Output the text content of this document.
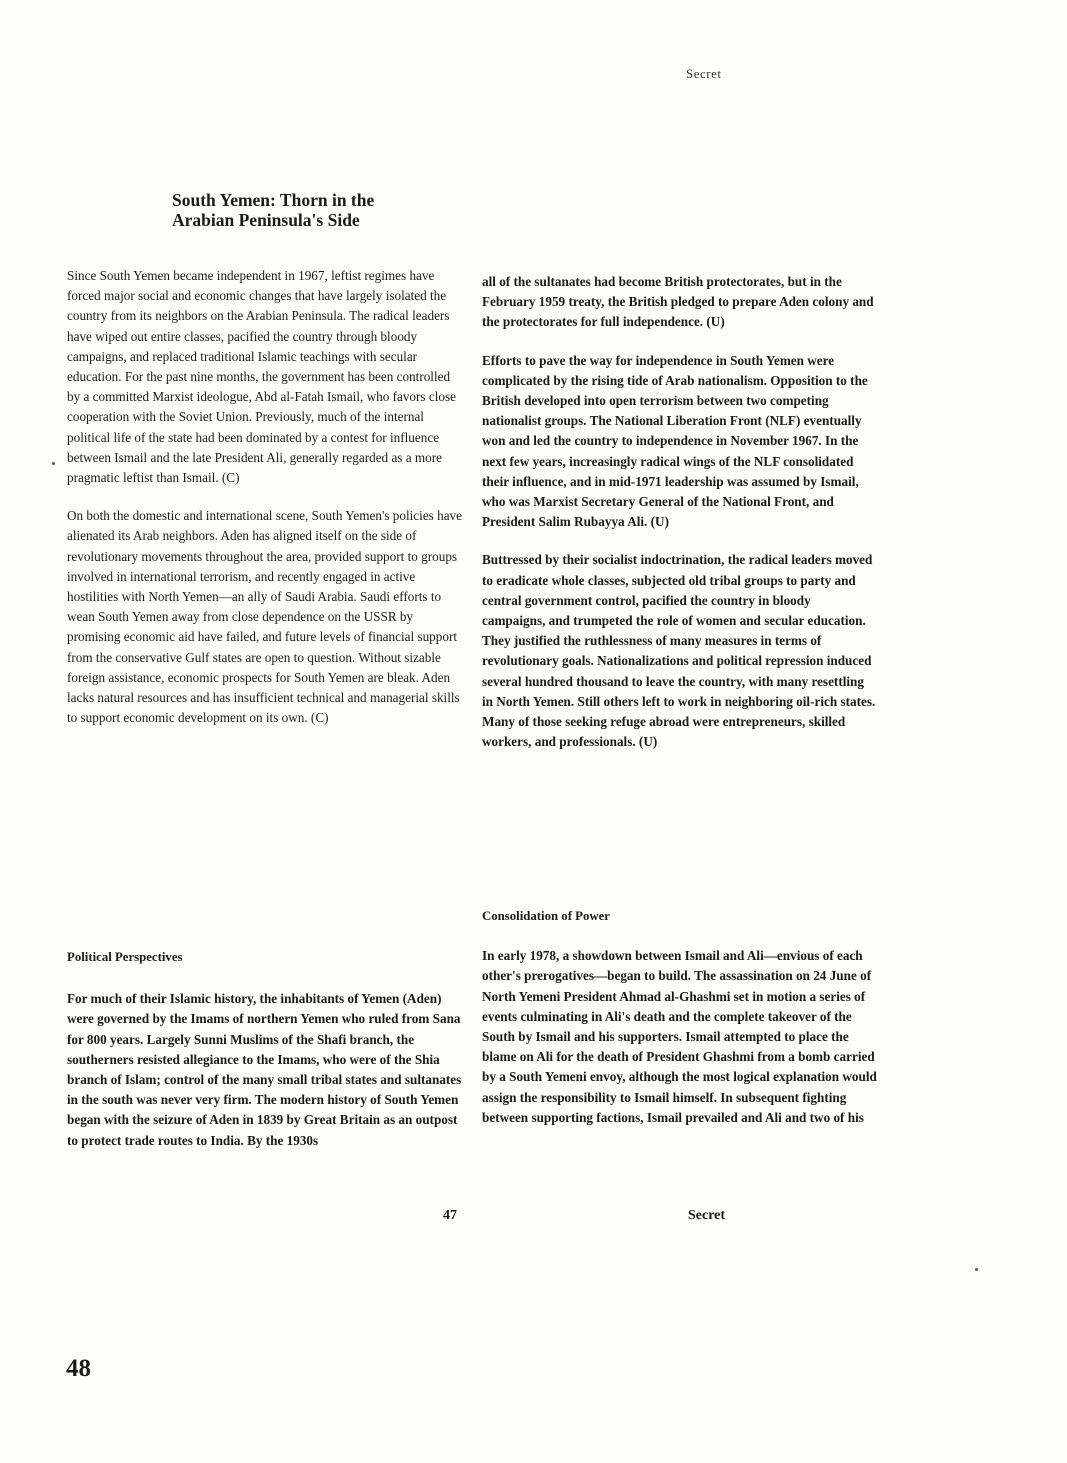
Secret
South Yemen: Thorn in the
Arabian Peninsula's Side

Since South Yemen became independent in 1967, leftist regimes have forced major social and economic changes that have largely isolated the country from its neighbors on the Arabian Peninsula. The radical leaders have wiped out entire classes, pacified the country through bloody campaigns, and replaced traditional Islamic teachings with secular education. For the past nine months, the government has been controlled by a committed Marxist ideologue, Abd al-Fatah Ismail, who favors close cooperation with the Soviet Union. Previously, much of the internal political life of the state had been dominated by a contest for influence between Ismail and the late President Ali, generally regarded as a more pragmatic leftist than Ismail. (C)

On both the domestic and international scene, South Yemen's policies have alienated its Arab neighbors. Aden has aligned itself on the side of revolutionary movements throughout the area, provided support to groups involved in international terrorism, and recently engaged in active hostilities with North Yemen—an ally of Saudi Arabia. Saudi efforts to wean South Yemen away from close dependence on the USSR by promising economic aid have failed, and future levels of financial support from the conservative Gulf states are open to question. Without sizable foreign assistance, economic prospects for South Yemen are bleak. Aden lacks natural resources and has insufficient technical and managerial skills to support economic development on its own. (C)

Political Perspectives

For much of their Islamic history, the inhabitants of Yemen (Aden) were governed by the Imams of northern Yemen who ruled from Sana for 800 years. Largely Sunni Muslims of the Shafi branch, the southerners resisted allegiance to the Imams, who were of the Shia branch of Islam; control of the many small tribal states and sultanates in the south was never very firm. The modern history of South Yemen began with the seizure of Aden in 1839 by Great Britain as an outpost to protect trade routes to India. By the 1930s

all of the sultanates had become British protectorates, but in the February 1959 treaty, the British pledged to prepare Aden colony and the protectorates for full independence. (U)

Efforts to pave the way for independence in South Yemen were complicated by the rising tide of Arab nationalism. Opposition to the British developed into open terrorism between two competing nationalist groups. The National Liberation Front (NLF) eventually won and led the country to independence in November 1967. In the next few years, increasingly radical wings of the NLF consolidated their influence, and in mid-1971 leadership was assumed by Ismail, who was Marxist Secretary General of the National Front, and President Salim Rubayya Ali. (U)

Buttressed by their socialist indoctrination, the radical leaders moved to eradicate whole classes, subjected old tribal groups to party and central government control, pacified the country in bloody campaigns, and trumpeted the role of women and secular education. They justified the ruthlessness of many measures in terms of revolutionary goals. Nationalizations and political repression induced several hundred thousand to leave the country, with many resettling in North Yemen. Still others left to work in neighboring oil-rich states. Many of those seeking refuge abroad were entrepreneurs, skilled workers, and professionals. (U)

Consolidation of Power

In early 1978, a showdown between Ismail and Ali—envious of each other's prerogatives—began to build. The assassination on 24 June of North Yemeni President Ahmad al-Ghashmi set in motion a series of events culminating in Ali's death and the complete takeover of the South by Ismail and his supporters. Ismail attempted to place the blame on Ali for the death of President Ghashmi from a bomb carried by a South Yemeni envoy, although the most logical explanation would assign the responsibility to Ismail himself. In subsequent fighting between supporting factions, Ismail prevailed and Ali and two of his

47	Secret
48
